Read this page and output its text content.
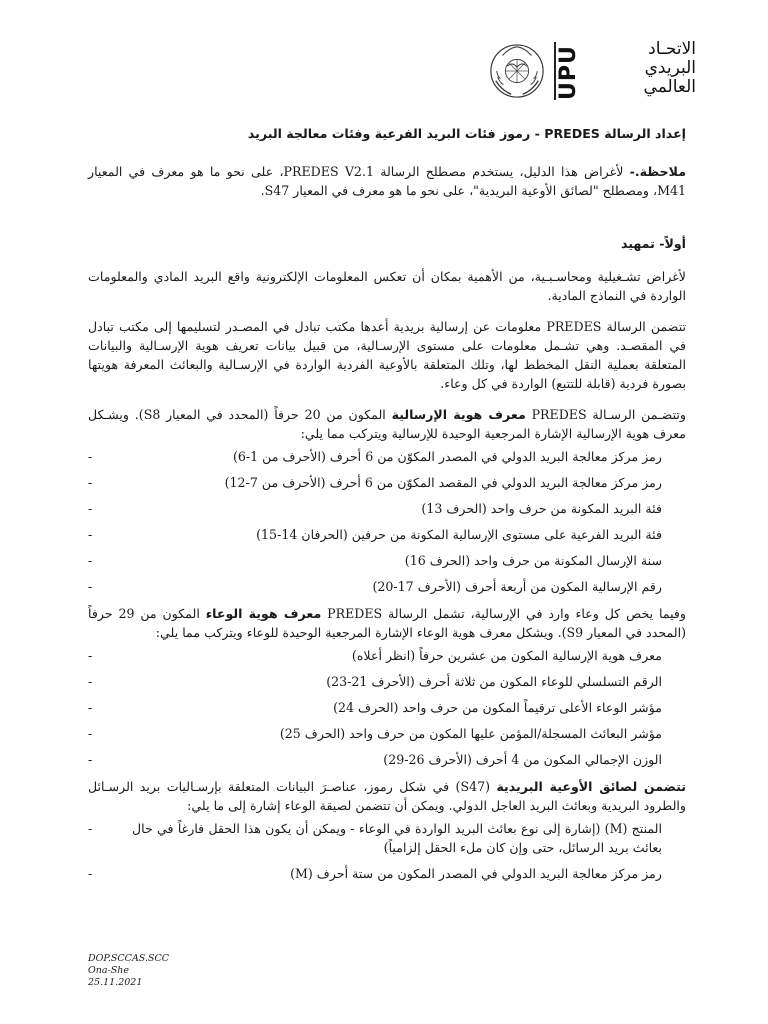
UPU	الاتحـاد
البريدي
العالمي

إعداد الرسالة PREDES - رموز فئات البريد الفرعية وفئات معالجة البريد

ملاحظة.- لأغراض هذا الدليل، يستخدم مصطلح الرسالة PREDES V2.1، على نحو ما هو معرف في المعيار M41، ومصطلح "لصائق الأوعية البريدية"، على نحو ما هو معرف في المعيار S47.

أولاً- تمهيد

لأغراض تشـغيلية ومحاسـبـية، من الأهمية بمكان أن تعكس المعلومات الإلكترونية واقع البريد المادي والمعلومات الواردة في النماذج المادية.

تتضمن الرسالة PREDES معلومات عن إرسالية بريدية أعدها مكتب تبادل في المصـدر لتسليمها إلى مكتب تبادل في المقصـد. وهي تشـمل معلومات على مستوى الإرسـالية، من قبيل بيانات تعريف هوية الإرسـالية والبيانات المتعلقة بعملية النقل المخطط لها، وتلك المتعلقة بالأوعية الفردية الواردة في الإرسـالية والبعائث المعرفة هويتها بصورة فردية (قابلة للتتبع) الواردة في كل وعاء.

وتتضـمن الرسـالة PREDES معرف هوية الإرسالية المكون من 20 حرفاً (المحدد في المعيار S8). ويشـكل معرف هوية الإرسالية الإشارة المرجعية الوحيدة للإرسالية ويتركب مما يلي:

-	رمز مركز معالجة البريد الدولي في المصدر المكوّن من 6 أحرف (الأحرف من 1-6)
-	رمز مركز معالجة البريد الدولي في المقصد المكوّن من 6 أحرف (الأحرف من 7-12)
-	فئة البريد المكونة من حرف واحد (الحرف 13)
-	فئة البريد الفرعية على مستوى الإرسالية المكونة من حرفين (الحرفان 14-15)
-	سنة الإرسال المكونة من حرف واحد (الحرف 16)
-	رقم الإرسالية المكون من أربعة أحرف (الأحرف 17-20)

وفيما يخص كل وعاء وارد في الإرسالية، تشمل الرسالة PREDES معرف هوية الوعاء المكون من 29 حرفاً (المحدد في المعيار S9). ويشكل معرف هوية الوعاء الإشارة المرجعية الوحيدة للوعاء ويتركب مما يلي:

-	معرف هوية الإرسالية المكون من عشرين حرفاً (انظر أعلاه)
-	الرقم التسلسلي للوعاء المكون من ثلاثة أحرف (الأحرف 21-23)
-	مؤشر الوعاء الأعلى ترقيماً المكون من حرف واحد (الحرف 24)
-	مؤشر البعائث المسجلة/المؤمن عليها المكون من حرف واحد (الحرف 25)
-	الوزن الإجمالي المكون من 4 أحرف (الأحرف 26-29)

تتضمن لصائق الأوعية البريدية (S47) في شكل رموز، عناصـرَ البيانات المتعلقة بإرسـاليات بريد الرسـائل والطرود البريدية وبعائث البريد العاجل الدولي. ويمكن أن تتضمن لصيقة الوعاء إشارة إلى ما يلي:

-	المنتج (M) (إشارة إلى نوع بعائث البريد الواردة في الوعاء - ويمكن أن يكون هذا الحقل فارغاً في حال بعائث بريد الرسائل، حتى وإن كان ملء الحقل إلزامياً)
-	رمز مركز معالجة البريد الدولي في المصدر المكون من ستة أحرف (M)
DOP.SCCAS.SCC
Ona-She
25.11.2021
